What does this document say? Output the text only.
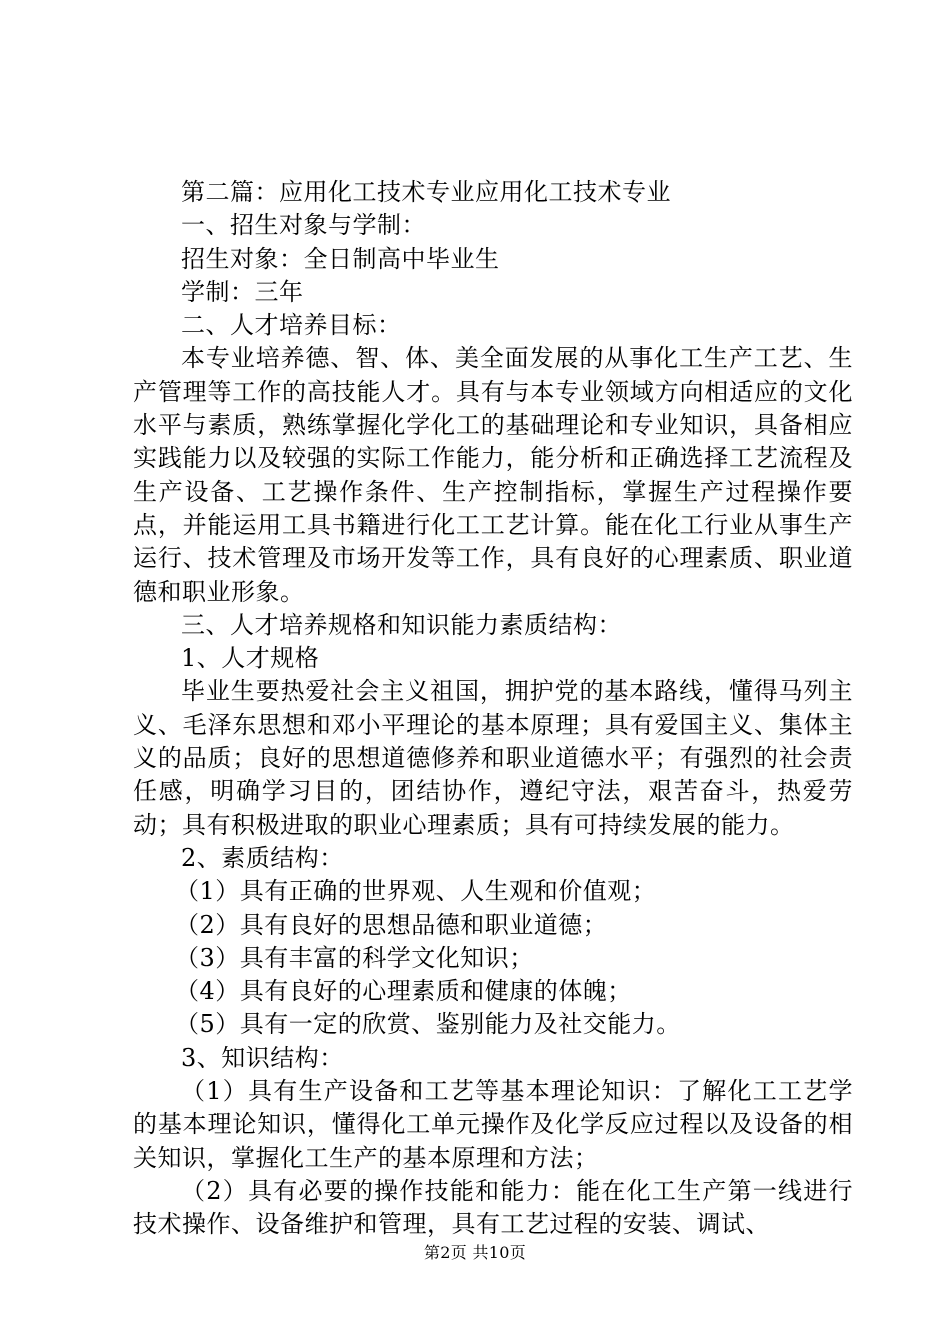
第二篇：应用化工技术专业应用化工技术专业
一、招生对象与学制：
招生对象：全日制高中毕业生
学制：三年
二、人才培养目标：
本专业培养德、智、体、美全面发展的从事化工生产工艺、生产管理等工作的高技能人才。具有与本专业领域方向相适应的文化水平与素质，熟练掌握化学化工的基础理论和专业知识，具备相应实践能力以及较强的实际工作能力，能分析和正确选择工艺流程及生产设备、工艺操作条件、生产控制指标，掌握生产过程操作要点，并能运用工具书籍进行化工工艺计算。能在化工行业从事生产运行、技术管理及市场开发等工作，具有良好的心理素质、职业道德和职业形象。
三、人才培养规格和知识能力素质结构：
1、人才规格
毕业生要热爱社会主义祖国，拥护党的基本路线，懂得马列主义、毛泽东思想和邓小平理论的基本原理；具有爱国主义、集体主义的品质；良好的思想道德修养和职业道德水平；有强烈的社会责任感，明确学习目的，团结协作，遵纪守法，艰苦奋斗，热爱劳动；具有积极进取的职业心理素质；具有可持续发展的能力。
2、素质结构：
（1）具有正确的世界观、人生观和价值观；
（2）具有良好的思想品德和职业道德；
（3）具有丰富的科学文化知识；
（4）具有良好的心理素质和健康的体魄；
（5）具有一定的欣赏、鉴别能力及社交能力。
3、知识结构：
（1）具有生产设备和工艺等基本理论知识：了解化工工艺学的基本理论知识，懂得化工单元操作及化学反应过程以及设备的相关知识，掌握化工生产的基本原理和方法；
（2）具有必要的操作技能和能力：能在化工生产第一线进行技术操作、设备维护和管理，具有工艺过程的安装、调试、
第2页 共10页
